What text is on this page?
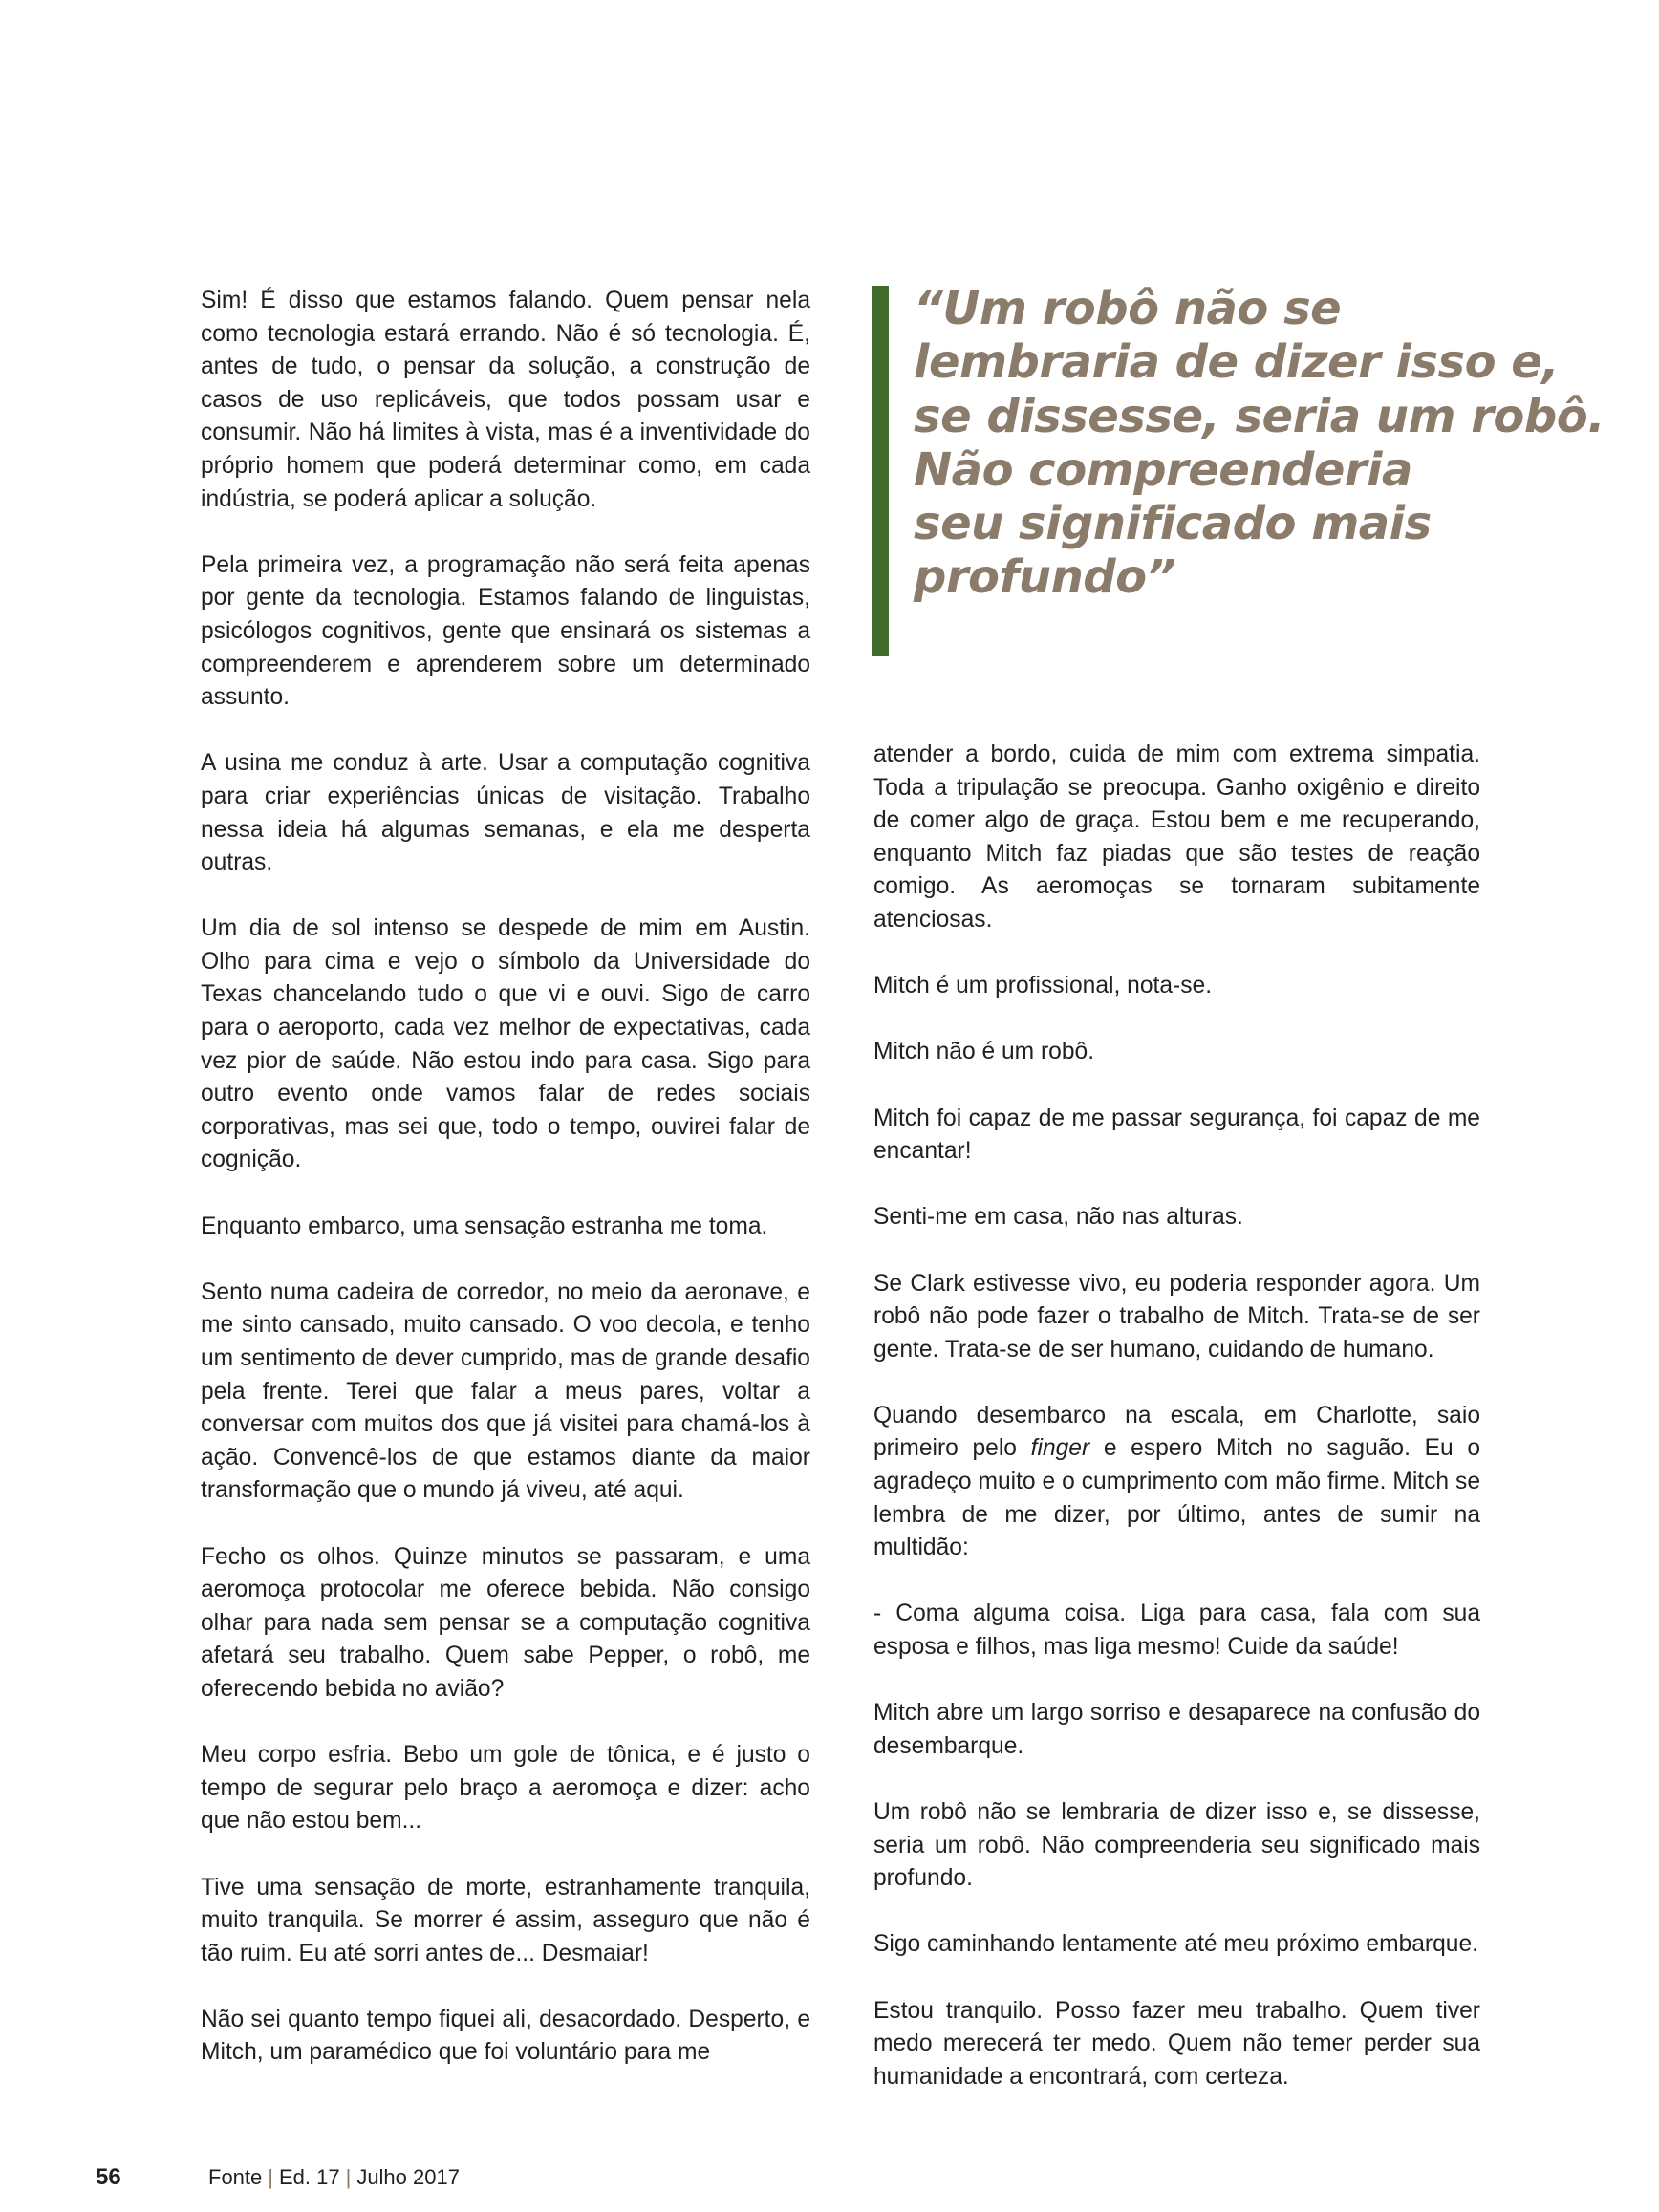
Sim! É disso que estamos falando. Quem pensar nela como tecnologia estará errando. Não é só tecnologia. É, antes de tudo, o pensar da solução, a construção de casos de uso replicáveis, que todos possam usar e consumir. Não há limites à vista, mas é a inventividade do próprio homem que poderá determinar como, em cada indústria, se poderá aplicar a solução.

Pela primeira vez, a programação não será feita apenas por gente da tecnologia. Estamos falando de linguistas, psicólogos cognitivos, gente que ensinará os sistemas a compreenderem e aprenderem sobre um determinado assunto.

A usina me conduz à arte. Usar a computação cognitiva para criar experiências únicas de visitação. Trabalho nessa ideia há algumas semanas, e ela me desperta outras.

Um dia de sol intenso se despede de mim em Austin. Olho para cima e vejo o símbolo da Universidade do Texas chancelando tudo o que vi e ouvi. Sigo de carro para o aeroporto, cada vez melhor de expectativas, cada vez pior de saúde. Não estou indo para casa. Sigo para outro evento onde vamos falar de redes sociais corporativas, mas sei que, todo o tempo, ouvirei falar de cognição.

Enquanto embarco, uma sensação estranha me toma.

Sento numa cadeira de corredor, no meio da aeronave, e me sinto cansado, muito cansado. O voo decola, e tenho um sentimento de dever cumprido, mas de grande desafio pela frente. Terei que falar a meus pares, voltar a conversar com muitos dos que já visitei para chamá-los à ação. Convencê-los de que estamos diante da maior transformação que o mundo já viveu, até aqui.

Fecho os olhos. Quinze minutos se passaram, e uma aeromoça protocolar me oferece bebida. Não consigo olhar para nada sem pensar se a computação cognitiva afetará seu trabalho. Quem sabe Pepper, o robô, me oferecendo bebida no avião?

Meu corpo esfria. Bebo um gole de tônica, e é justo o tempo de segurar pelo braço a aeromoça e dizer: acho que não estou bem...

Tive uma sensação de morte, estranhamente tranquila, muito tranquila. Se morrer é assim, asseguro que não é tão ruim. Eu até sorri antes de... Desmaiar!

Não sei quanto tempo fiquei ali, desacordado. Desperto, e Mitch, um paramédico que foi voluntário para me

“Um robô não se
lembraria de dizer isso e,
se dissesse, seria um robô.
Não compreenderia
seu significado mais
profundo”

atender a bordo, cuida de mim com extrema simpatia. Toda a tripulação se preocupa. Ganho oxigênio e direito de comer algo de graça. Estou bem e me recuperando, enquanto Mitch faz piadas que são testes de reação comigo. As aeromoças se tornaram subitamente atenciosas.

Mitch é um profissional, nota-se.

Mitch não é um robô.

Mitch foi capaz de me passar segurança, foi capaz de me encantar!

Senti-me em casa, não nas alturas.

Se Clark estivesse vivo, eu poderia responder agora. Um robô não pode fazer o trabalho de Mitch. Trata-se de ser gente. Trata-se de ser humano, cuidando de humano.

Quando desembarco na escala, em Charlotte, saio primeiro pelo finger e espero Mitch no saguão. Eu o agradeço muito e o cumprimento com mão firme. Mitch se lembra de me dizer, por último, antes de sumir na multidão:

- Coma alguma coisa. Liga para casa, fala com sua esposa e filhos, mas liga mesmo! Cuide da saúde!

Mitch abre um largo sorriso e desaparece na confusão do desembarque.

Um robô não se lembraria de dizer isso e, se dissesse, seria um robô. Não compreenderia seu significado mais profundo.

Sigo caminhando lentamente até meu próximo embarque.

Estou tranquilo. Posso fazer meu trabalho. Quem tiver medo merecerá ter medo. Quem não temer perder sua humanidade a encontrará, com certeza.

56	Fonte | Ed. 17 | Julho 2017
